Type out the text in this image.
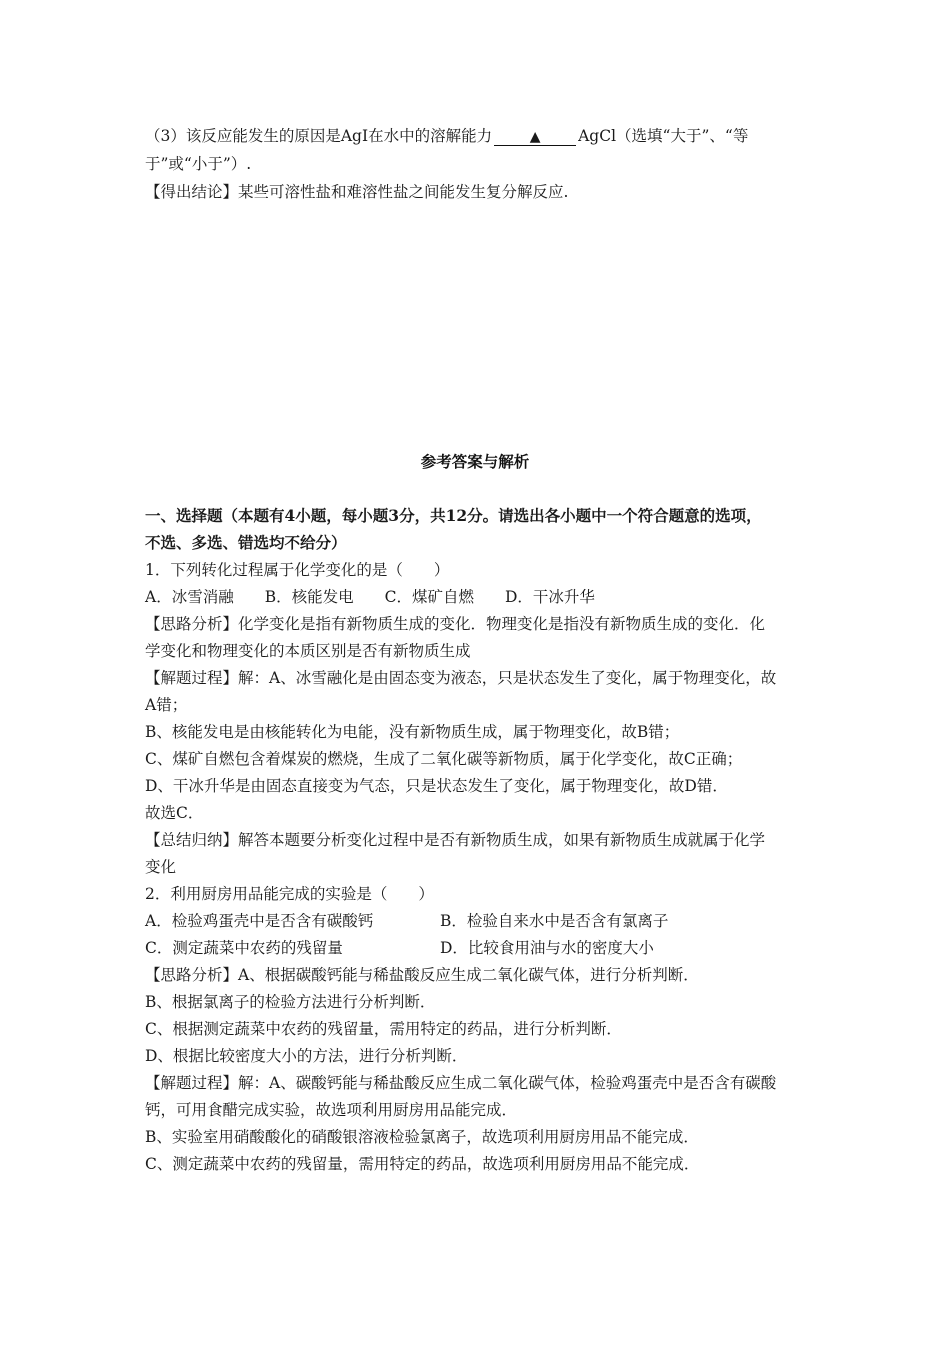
（3）该反应能发生的原因是AgI在水中的溶解能力	▲ AgCl（选填“大于”、“等
于”或“小于”）.
【得出结论】某些可溶性盐和难溶性盐之间能发生复分解反应.
参考答案与解析
一、选择题（本题有4小题，每小题3分，共12分。请选出各小题中一个符合题意的选项，
不选、多选、错选均不给分）
1．下列转化过程属于化学变化的是（　　）
A．冰雪消融　　B．核能发电　　C．煤矿自燃　　D．干冰升华
【思路分析】化学变化是指有新物质生成的变化．物理变化是指没有新物质生成的变化．化
学变化和物理变化的本质区别是否有新物质生成
【解题过程】解：A、冰雪融化是由固态变为液态，只是状态发生了变化，属于物理变化，故
A错；
B、核能发电是由核能转化为电能，没有新物质生成，属于物理变化，故B错；
C、煤矿自燃包含着煤炭的燃烧，生成了二氧化碳等新物质，属于化学变化，故C正确；
D、干冰升华是由固态直接变为气态，只是状态发生了变化，属于物理变化，故D错．
故选C．
【总结归纳】解答本题要分析变化过程中是否有新物质生成，如果有新物质生成就属于化学
变化
2．利用厨房用品能完成的实验是（　　）
A．检验鸡蛋壳中是否含有碳酸钙	B．检验自来水中是否含有氯离子
C．测定蔬菜中农药的残留量	D．比较食用油与水的密度大小
【思路分析】A、根据碳酸钙能与稀盐酸反应生成二氧化碳气体，进行分析判断．
B、根据氯离子的检验方法进行分析判断．
C、根据测定蔬菜中农药的残留量，需用特定的药品，进行分析判断．
D、根据比较密度大小的方法，进行分析判断．
【解题过程】解：A、碳酸钙能与稀盐酸反应生成二氧化碳气体，检验鸡蛋壳中是否含有碳酸
钙，可用食醋完成实验，故选项利用厨房用品能完成．
B、实验室用硝酸酸化的硝酸银溶液检验氯离子，故选项利用厨房用品不能完成．
C、测定蔬菜中农药的残留量，需用特定的药品，故选项利用厨房用品不能完成．
